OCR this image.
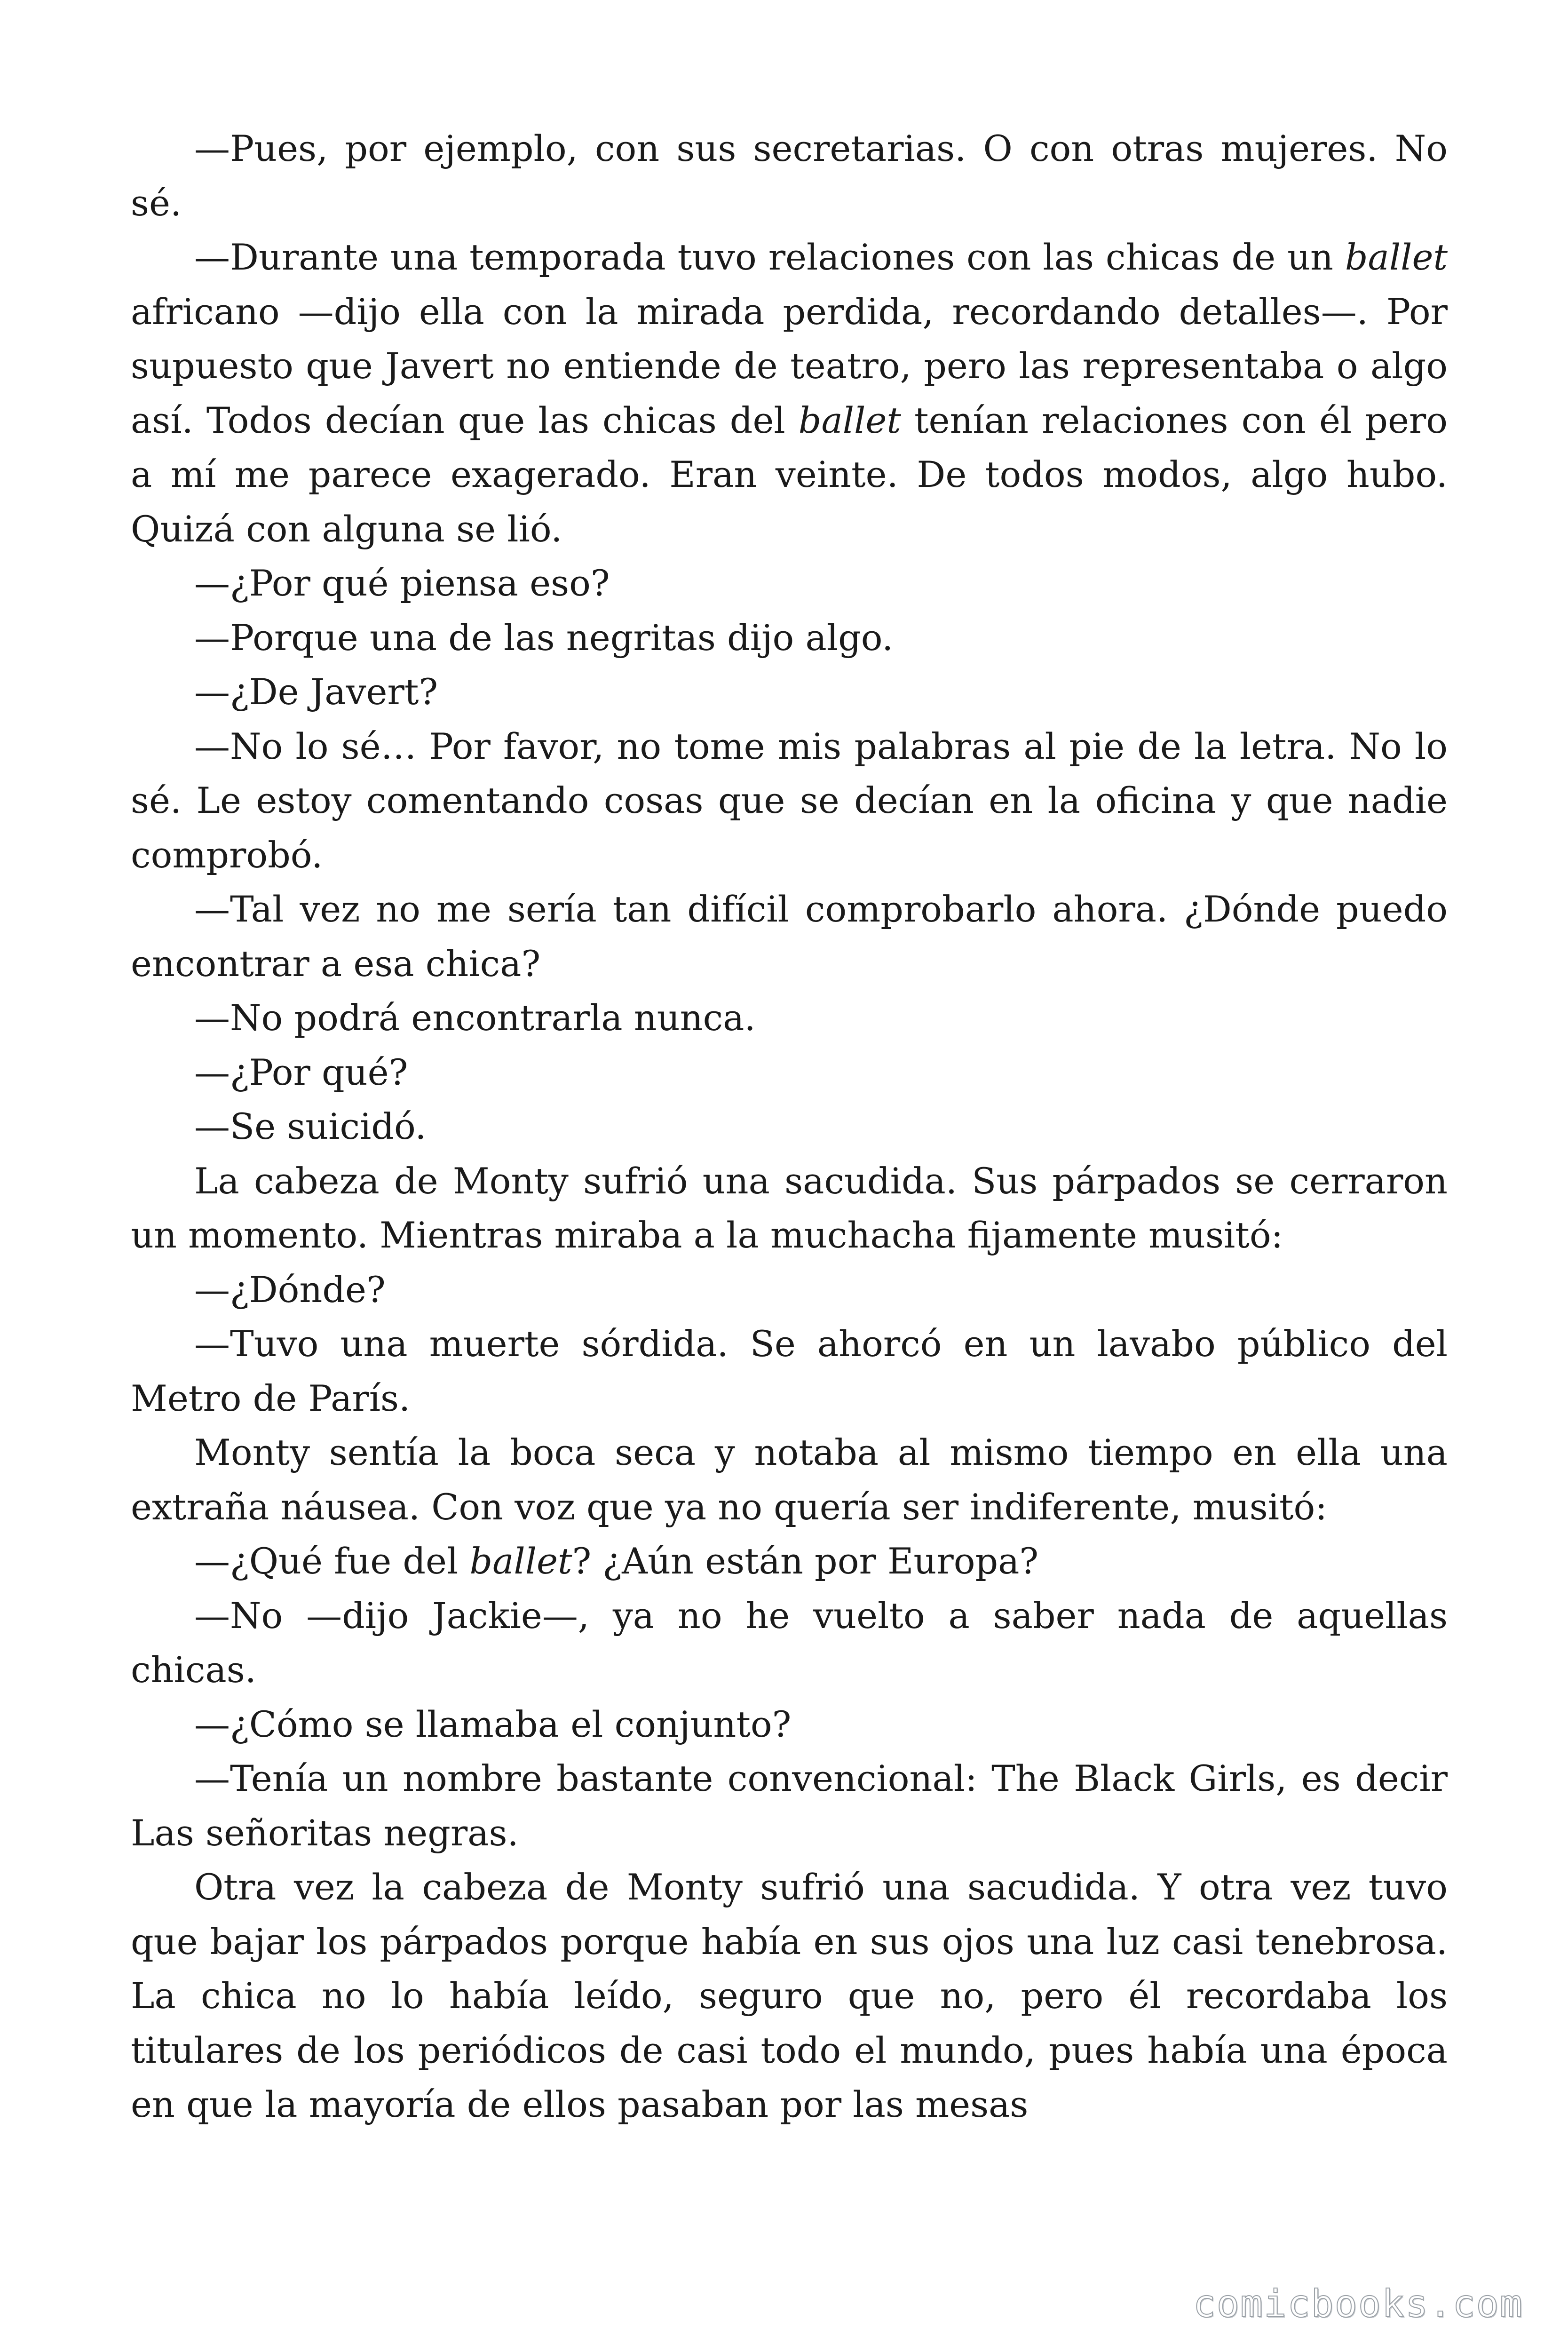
—Pues, por ejemplo, con sus secretarias. O con otras mujeres. No sé.

—Durante una temporada tuvo relaciones con las chicas de un ballet africano —dijo ella con la mirada perdida, recordando detalles—. Por supuesto que Javert no entiende de teatro, pero las representaba o algo así. Todos decían que las chicas del ballet tenían relaciones con él pero a mí me parece exagerado. Eran veinte. De todos modos, algo hubo. Quizá con alguna se lió.

—¿Por qué piensa eso?

—Porque una de las negritas dijo algo.

—¿De Javert?

—No lo sé… Por favor, no tome mis palabras al pie de la letra. No lo sé. Le estoy comentando cosas que se decían en la oficina y que nadie comprobó.

—Tal vez no me sería tan difícil comprobarlo ahora. ¿Dónde puedo encontrar a esa chica?

—No podrá encontrarla nunca.

—¿Por qué?

—Se suicidó.

La cabeza de Monty sufrió una sacudida. Sus párpados se cerraron un momento. Mientras miraba a la muchacha fijamente musitó:

—¿Dónde?

—Tuvo una muerte sórdida. Se ahorcó en un lavabo público del Metro de París.

Monty sentía la boca seca y notaba al mismo tiempo en ella una extraña náusea. Con voz que ya no quería ser indiferente, musitó:

—¿Qué fue del ballet? ¿Aún están por Europa?

—No —dijo Jackie—, ya no he vuelto a saber nada de aquellas chicas.

—¿Cómo se llamaba el conjunto?

—Tenía un nombre bastante convencional: The Black Girls, es decir Las señoritas negras.

Otra vez la cabeza de Monty sufrió una sacudida. Y otra vez tuvo que bajar los párpados porque había en sus ojos una luz casi tenebrosa. La chica no lo había leído, seguro que no, pero él recordaba los titulares de los periódicos de casi todo el mundo, pues había una época en que la mayoría de ellos pasaban por las mesas

comicbooks.com
